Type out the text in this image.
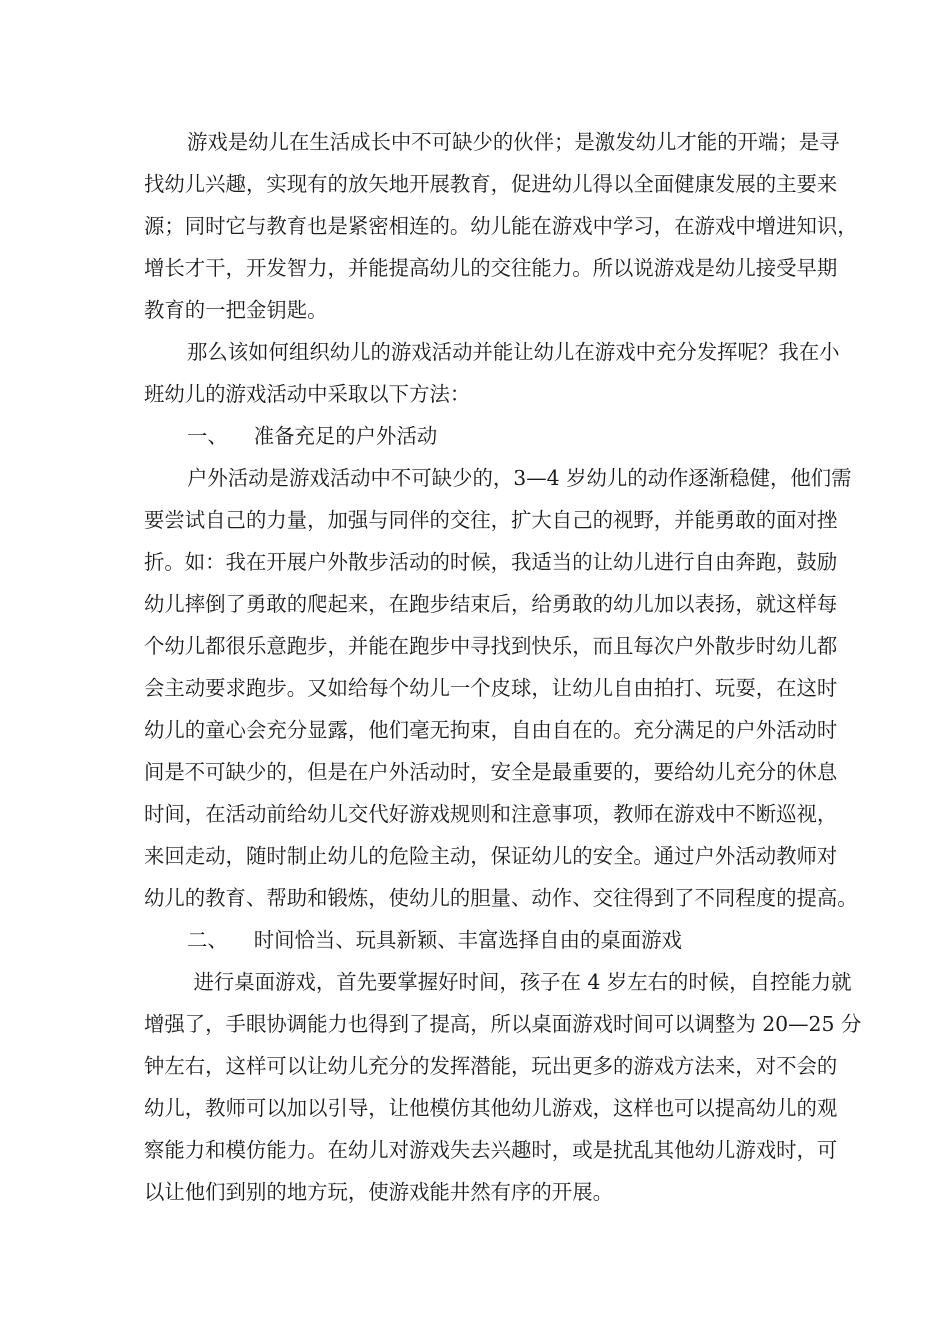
游戏是幼儿在生活成长中不可缺少的伙伴；是激发幼儿才能的开端；是寻

找幼儿兴趣，实现有的放矢地开展教育，促进幼儿得以全面健康发展的主要来

源；同时它与教育也是紧密相连的。幼儿能在游戏中学习，在游戏中增进知识，

增长才干，开发智力，并能提高幼儿的交往能力。所以说游戏是幼儿接受早期

教育的一把金钥匙。

那么该如何组织幼儿的游戏活动并能让幼儿在游戏中充分发挥呢？我在小

班幼儿的游戏活动中采取以下方法：

一、    准备充足的户外活动

户外活动是游戏活动中不可缺少的，3—4 岁幼儿的动作逐渐稳健，他们需

要尝试自己的力量，加强与同伴的交往，扩大自己的视野，并能勇敢的面对挫

折。如：我在开展户外散步活动的时候，我适当的让幼儿进行自由奔跑，鼓励

幼儿摔倒了勇敢的爬起来，在跑步结束后，给勇敢的幼儿加以表扬，就这样每

个幼儿都很乐意跑步，并能在跑步中寻找到快乐，而且每次户外散步时幼儿都

会主动要求跑步。又如给每个幼儿一个皮球，让幼儿自由拍打、玩耍，在这时

幼儿的童心会充分显露，他们毫无拘束，自由自在的。充分满足的户外活动时

间是不可缺少的，但是在户外活动时，安全是最重要的，要给幼儿充分的休息

时间，在活动前给幼儿交代好游戏规则和注意事项，教师在游戏中不断巡视，

来回走动，随时制止幼儿的危险主动，保证幼儿的安全。通过户外活动教师对

幼儿的教育、帮助和锻炼，使幼儿的胆量、动作、交往得到了不同程度的提高。

二、    时间恰当、玩具新颖、丰富选择自由的桌面游戏

进行桌面游戏，首先要掌握好时间，孩子在 4 岁左右的时候，自控能力就

增强了，手眼协调能力也得到了提高，所以桌面游戏时间可以调整为 20—25 分

钟左右，这样可以让幼儿充分的发挥潜能，玩出更多的游戏方法来，对不会的

幼儿，教师可以加以引导，让他模仿其他幼儿游戏，这样也可以提高幼儿的观

察能力和模仿能力。在幼儿对游戏失去兴趣时，或是扰乱其他幼儿游戏时，可

以让他们到别的地方玩，使游戏能井然有序的开展。
